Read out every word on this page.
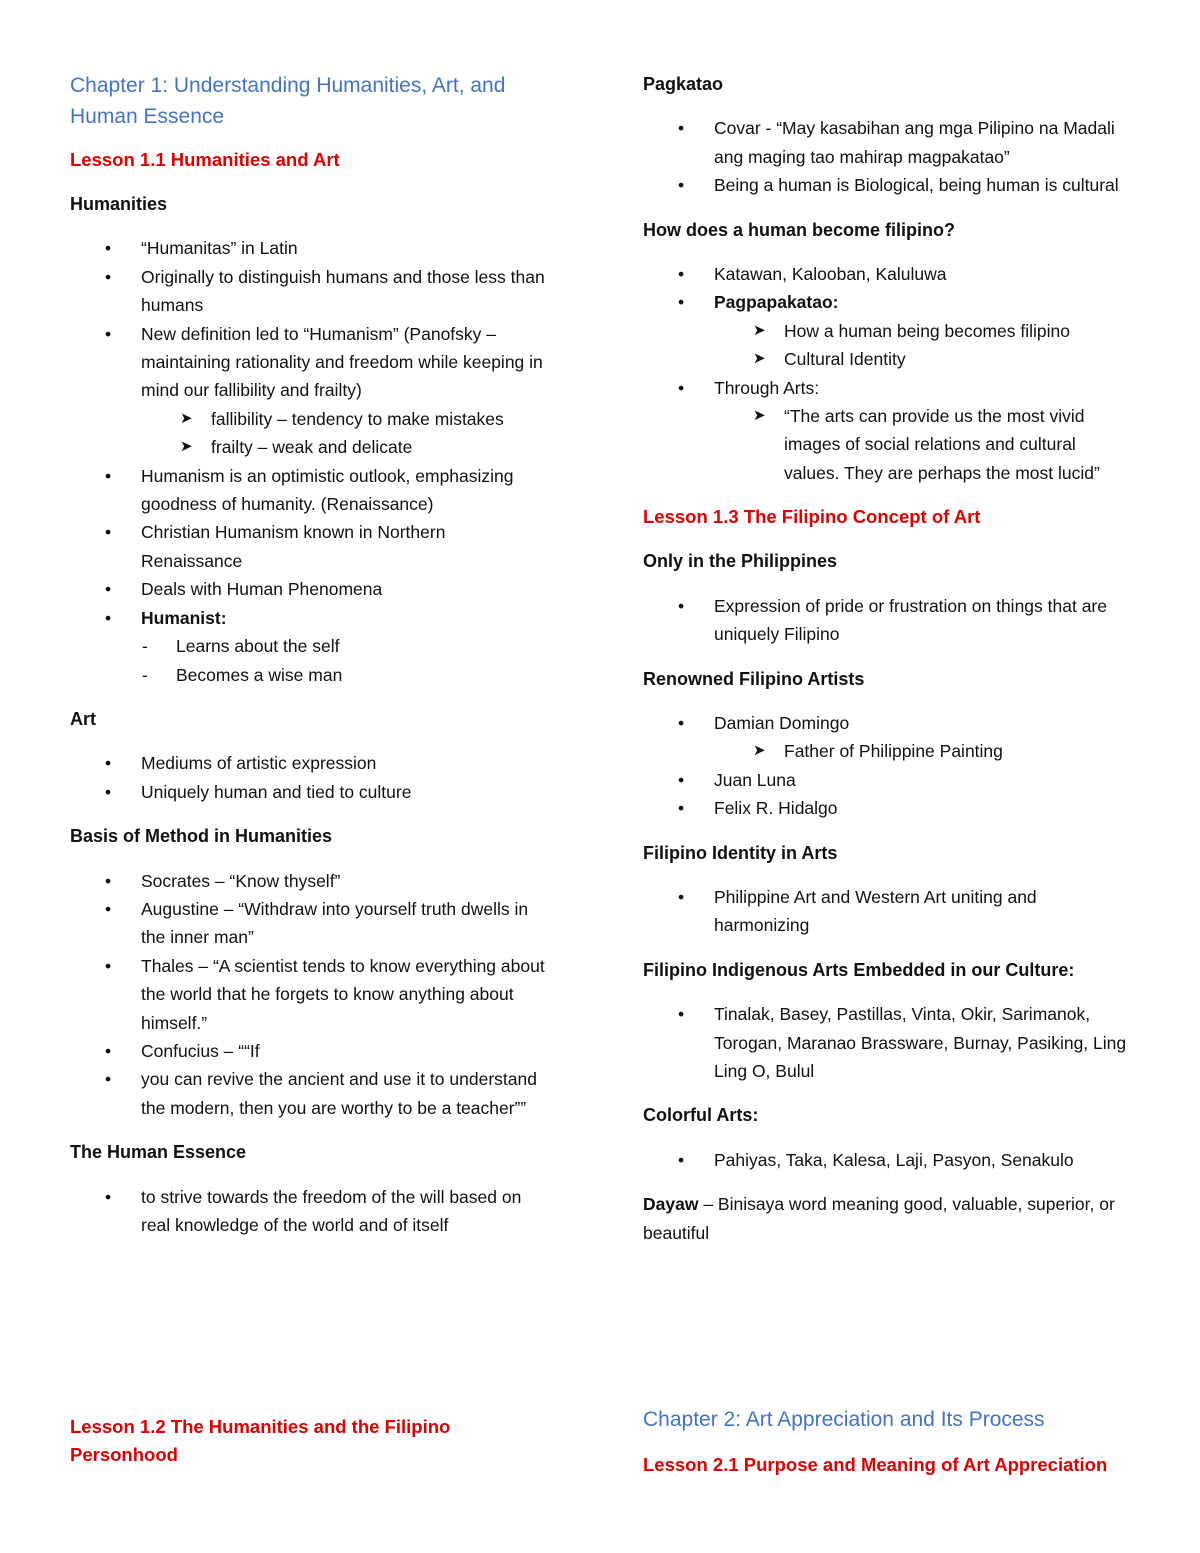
Chapter 1: Understanding Humanities, Art, and Human Essence
Lesson 1.1 Humanities and Art
Humanities
• “Humanitas” in Latin
• Originally to distinguish humans and those less than humans
• New definition led to “Humanism” (Panofsky – maintaining rationality and freedom while keeping in mind our fallibility and frailty)
➤ fallibility – tendency to make mistakes
➤ frailty – weak and delicate
• Humanism is an optimistic outlook, emphasizing goodness of humanity. (Renaissance)
• Christian Humanism known in Northern Renaissance
• Deals with Human Phenomena
• Humanist:
- Learns about the self
- Becomes a wise man
Art
• Mediums of artistic expression
• Uniquely human and tied to culture
Basis of Method in Humanities
• Socrates – “Know thyself”
• Augustine – “Withdraw into yourself truth dwells in the inner man”
• Thales – “A scientist tends to know everything about the world that he forgets to know anything about himself.”
• Confucius – ““If
• you can revive the ancient and use it to understand the modern, then you are worthy to be a teacher””
The Human Essence
• to strive towards the freedom of the will based on real knowledge of the world and of itself
Lesson 1.2 The Humanities and the Filipino Personhood
Pagkatao
• Covar - “May kasabihan ang mga Pilipino na Madali ang maging tao mahirap magpakatao”
• Being a human is Biological, being human is cultural
How does a human become filipino?
• Katawan, Kalooban, Kaluluwa
• Pagpapakatao:
➤ How a human being becomes filipino
➤ Cultural Identity
• Through Arts:
➤ “The arts can provide us the most vivid images of social relations and cultural values. They are perhaps the most lucid”
Lesson 1.3 The Filipino Concept of Art
Only in the Philippines
• Expression of pride or frustration on things that are uniquely Filipino
Renowned Filipino Artists
• Damian Domingo
➤ Father of Philippine Painting
• Juan Luna
• Felix R. Hidalgo
Filipino Identity in Arts
• Philippine Art and Western Art uniting and harmonizing
Filipino Indigenous Arts Embedded in our Culture:
• Tinalak, Basey, Pastillas, Vinta, Okir, Sarimanok, Torogan, Maranao Brassware, Burnay, Pasiking, Ling Ling O, Bulul
Colorful Arts:
• Pahiyas, Taka, Kalesa, Laji, Pasyon, Senakulo

Dayaw – Binisaya word meaning good, valuable, superior, or beautiful

Chapter 2: Art Appreciation and Its Process
Lesson 2.1 Purpose and Meaning of Art Appreciation
